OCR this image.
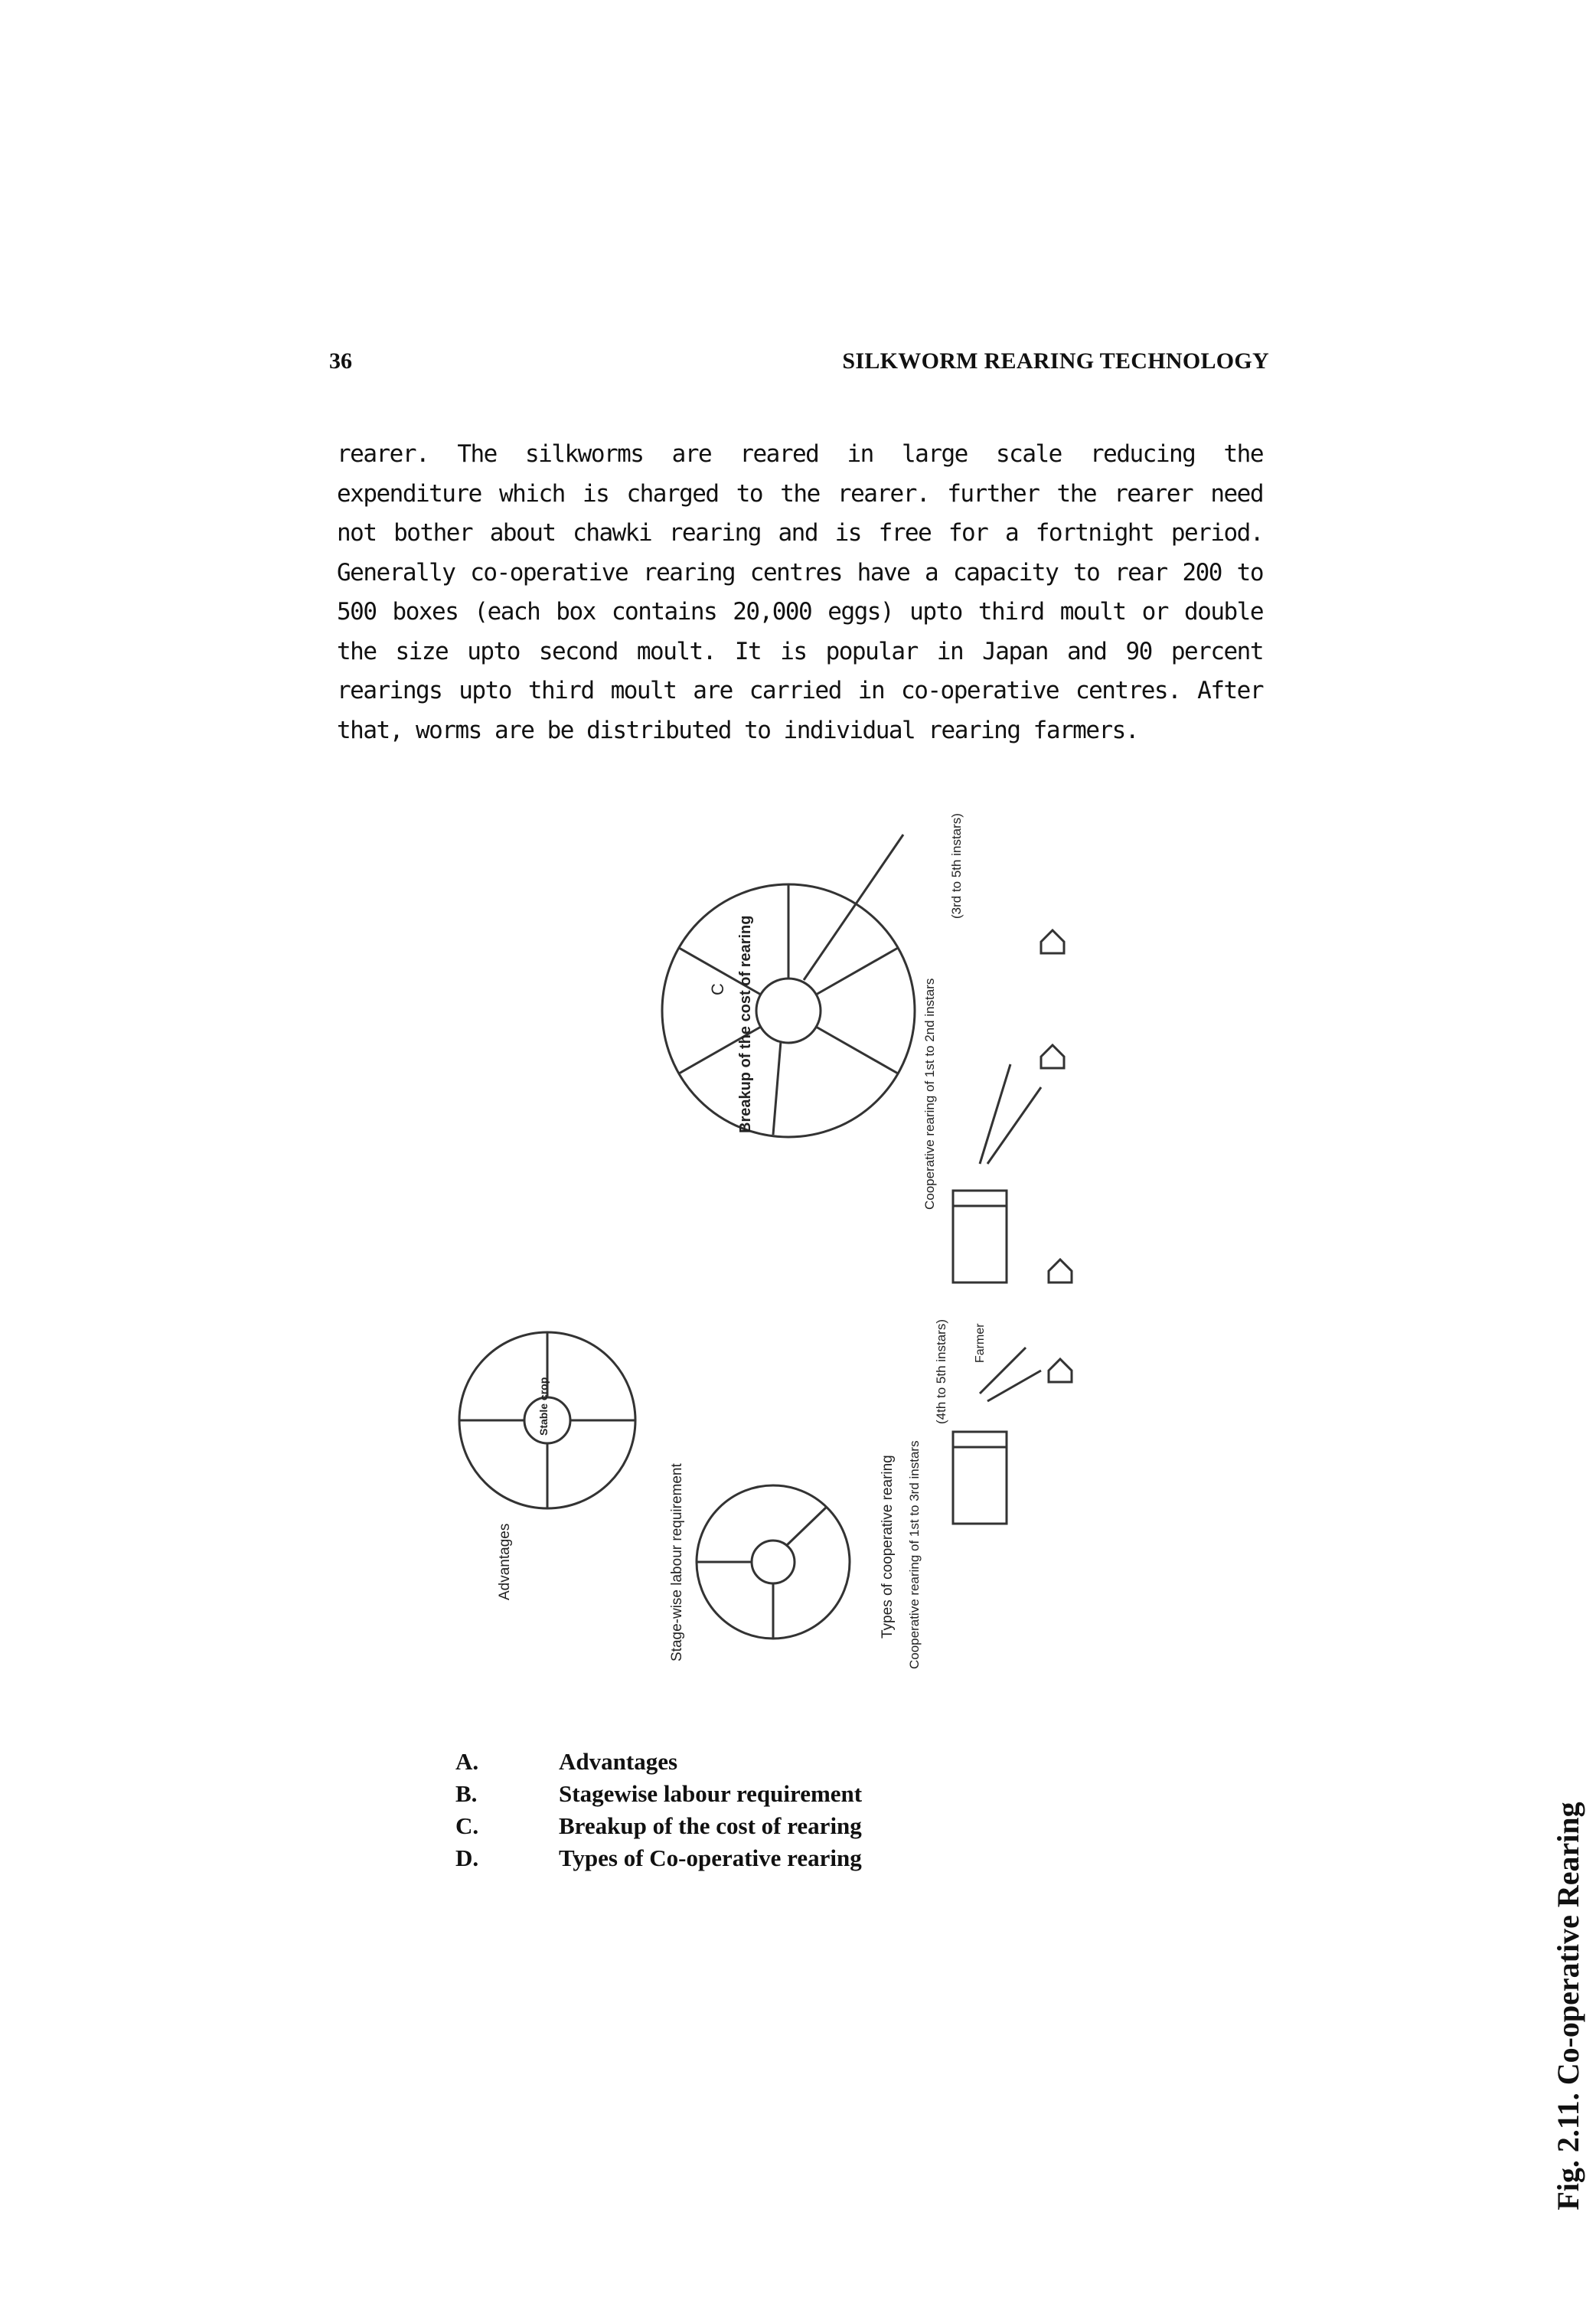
36	SILKWORM REARING TECHNOLOGY

rearer. The silkworms are reared in large scale reducing the expenditure which is charged to the rearer. further the rearer need not bother about chawki rearing and is free for a fortnight period. Generally co-operative rearing centres have a capacity to rear 200 to 500 boxes (each box contains 20,000 eggs) upto third moult or double the size upto second moult. It is popular in Japan and 90 percent rearings upto third moult are carried in co-operative centres. After that, worms are be distributed to individual rearing farmers.

C Breakup of the cost of rearing
Advantages
Stable crop
Stage-wise labour requirement	Types of cooperative rearing Cooperative rearing of 1st to 3rd instars
(4th to 5th instars)
Cooperative rearing of 1st to 2nd instars
(3rd to 5th instars)
Farmer
Fig. 2.11. Co-operative Rearing
A.	Advantages
B.	Stagewise labour requirement
C.	Breakup of the cost of rearing
D.	Types of Co-operative rearing
